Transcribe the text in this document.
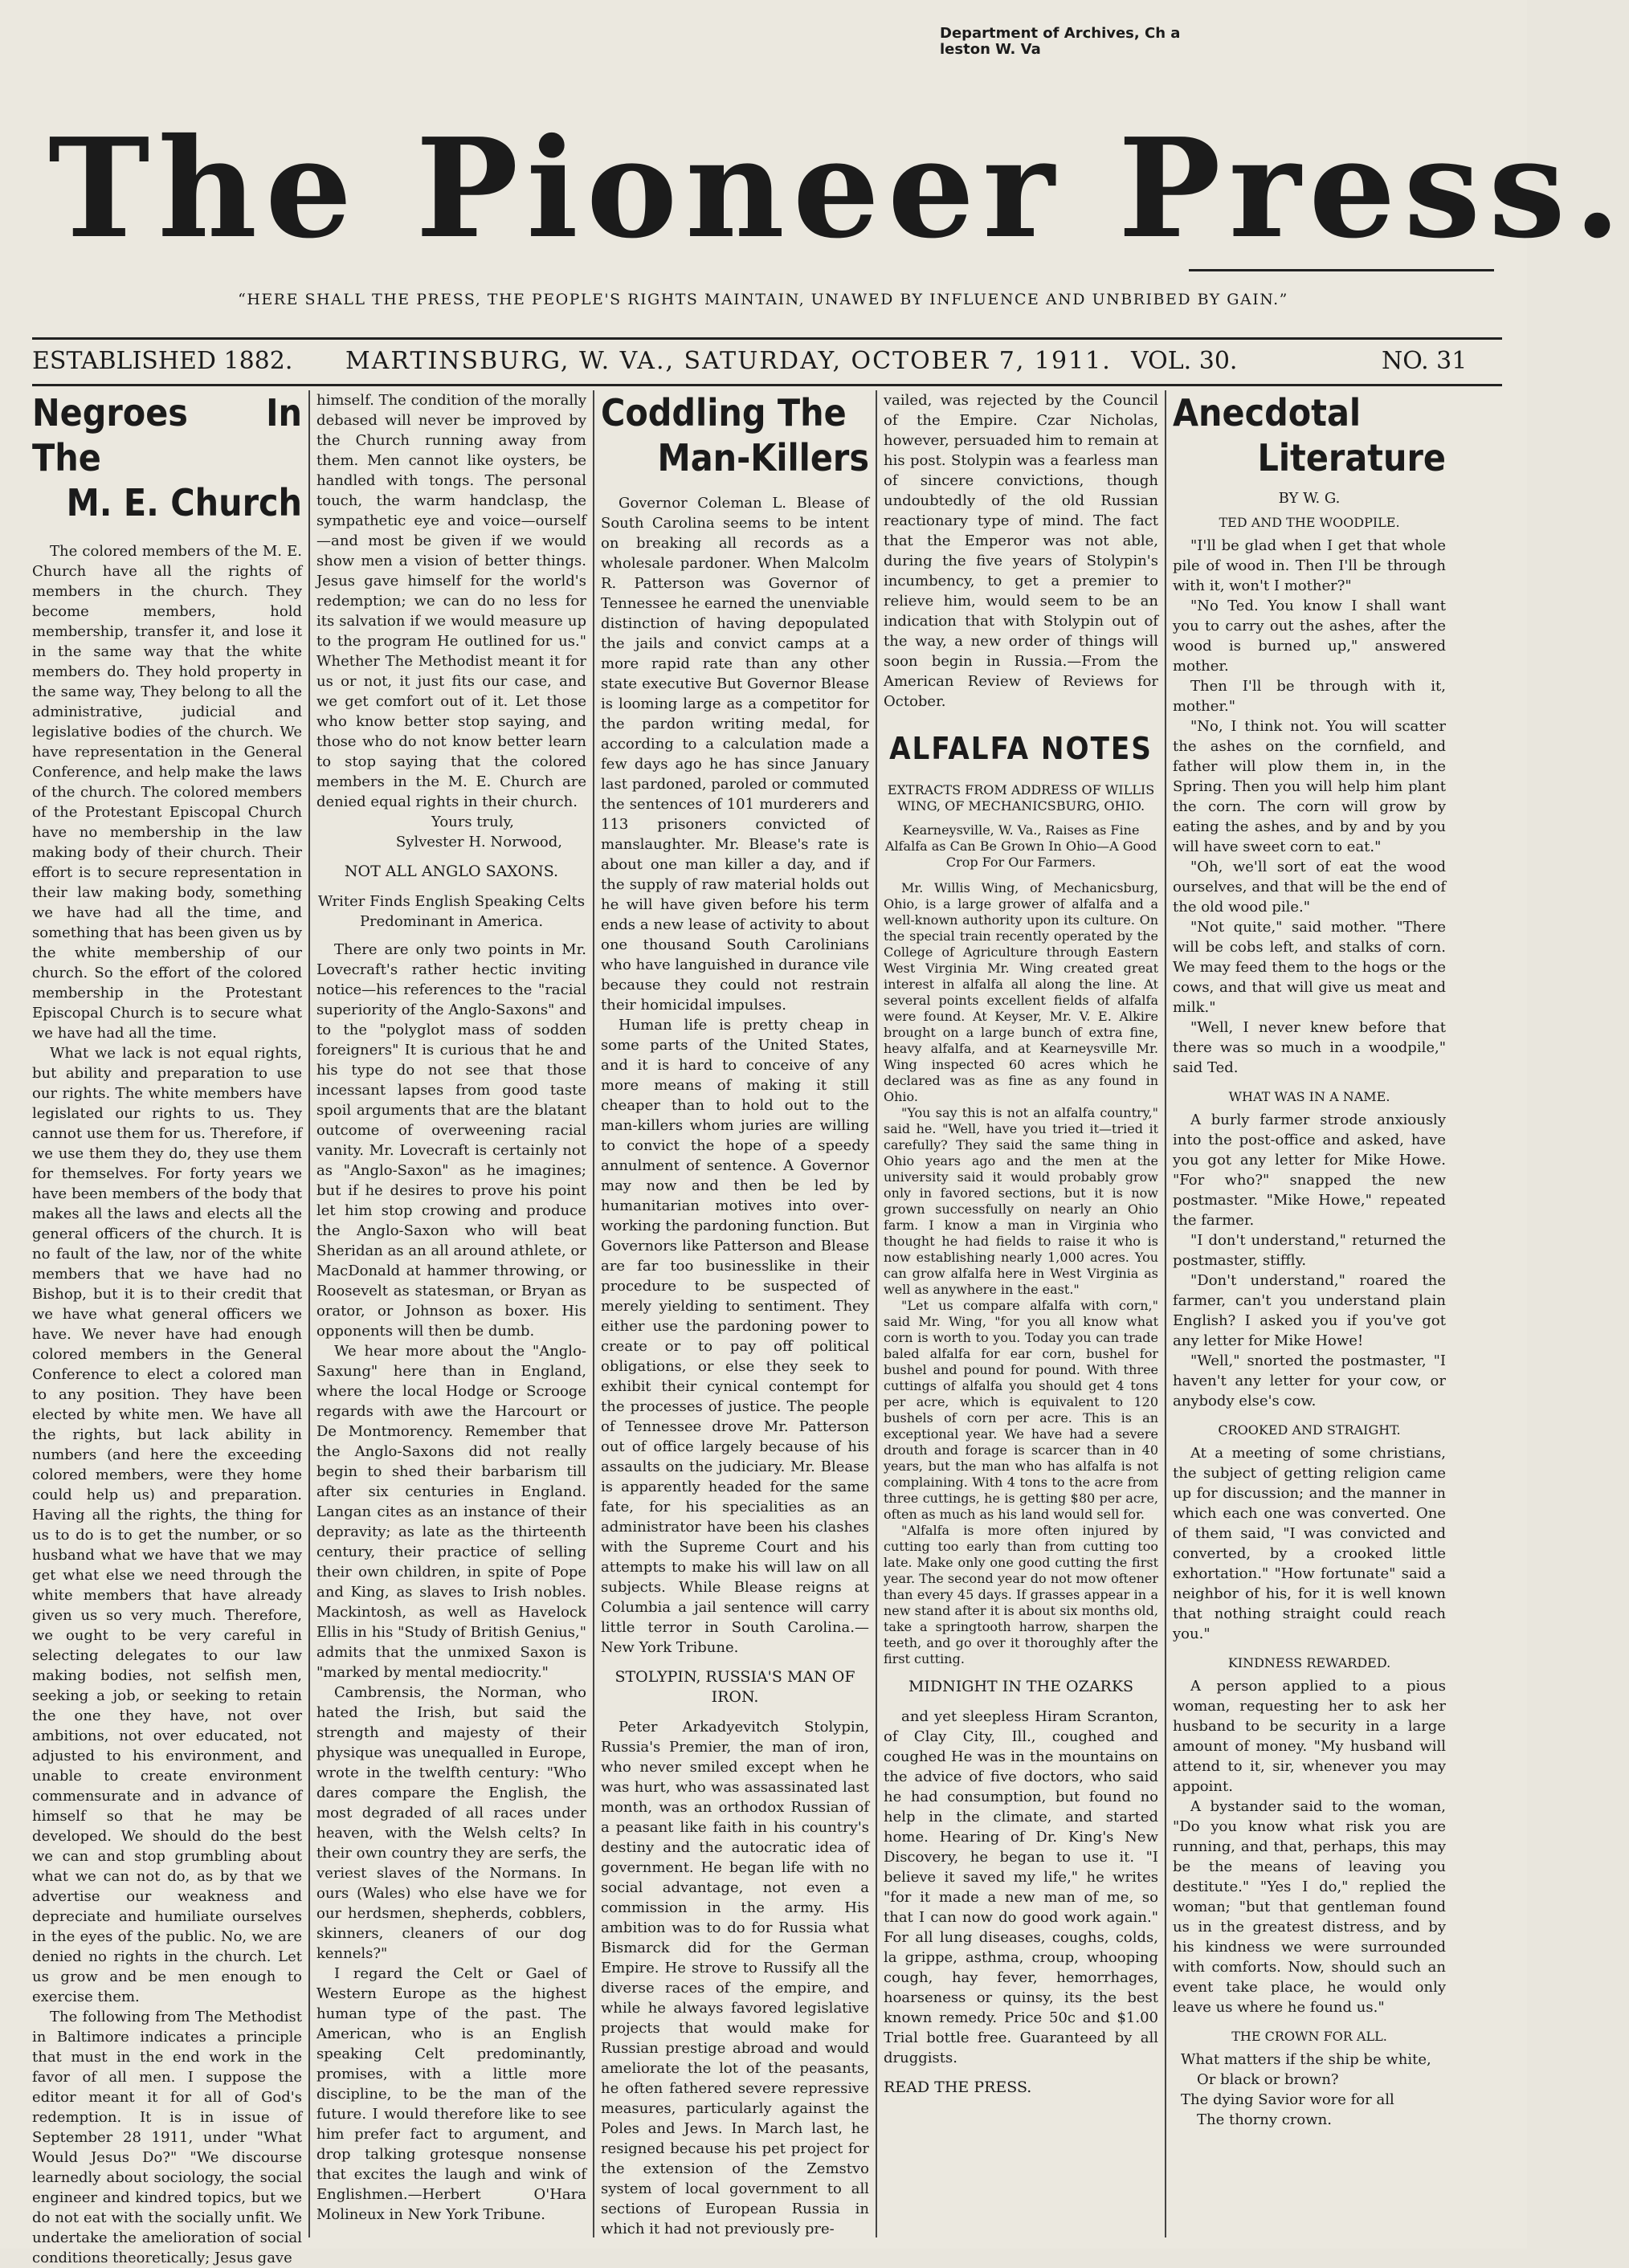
Department of Archives, Ch a leston W. Va
The Pioneer Press.
“HERE SHALL THE PRESS, THE PEOPLE'S RIGHTS MAINTAIN, UNAWED BY INFLUENCE AND UNBRIBED BY GAIN.”
ESTABLISHED 1882. MARTINSBURG, W. VA., SATURDAY, OCTOBER 7, 1911. VOL. 30.	NO. 31
Negroes In The
M. E. Church

The colored members of the M. E. Church have all the rights of members in the church. They become members, hold membership, transfer it, and lose it in the same way that the white members do. They hold property in the same way, They belong to all the administrative, judicial and legislative bodies of the church. We have representation in the General Conference, and help make the laws of the church. The colored members of the Protestant Episcopal Church have no membership in the law making body of their church. Their effort is to secure representation in their law making body, something we have had all the time, and something that has been given us by the white membership of our church. So the effort of the colored membership in the Protestant Episcopal Church is to secure what we have had all the time.

What we lack is not equal rights, but ability and preparation to use our rights. The white members have legislated our rights to us. They cannot use them for us. Therefore, if we use them they do, they use them for themselves. For forty years we have been members of the body that makes all the laws and elects all the general officers of the church. It is no fault of the law, nor of the white members that we have had no Bishop, but it is to their credit that we have what general officers we have. We never have had enough colored members in the General Conference to elect a colored man to any position. They have been elected by white men. We have all the rights, but lack ability in numbers (and here the exceeding colored members, were they home could help us) and preparation. Having all the rights, the thing for us to do is to get the number, or so husband what we have that we may get what else we need through the white members that have already given us so very much. Therefore, we ought to be very careful in selecting delegates to our law making bodies, not selfish men, seeking a job, or seeking to retain the one they have, not over ambitions, not over educated, not adjusted to his environment, and unable to create environment commensurate and in advance of himself so that he may be developed. We should do the best we can and stop grumbling about what we can not do, as by that we advertise our weakness and depreciate and humiliate ourselves in the eyes of the public. No, we are denied no rights in the church. Let us grow and be men enough to exercise them.

The following from The Methodist in Baltimore indicates a principle that must in the end work in the favor of all men. I suppose the editor meant it for all of God's redemption. It is in issue of September 28 1911, under "What Would Jesus Do?" "We discourse learnedly about sociology, the social engineer and kindred topics, but we do not eat with the socially unfit. We undertake the amelioration of social conditions theoretically; Jesus gave

himself. The condition of the morally debased will never be improved by the Church running away from them. Men cannot like oysters, be handled with tongs. The personal touch, the warm handclasp, the sympathetic eye and voice—ourself—and most be given if we would show men a vision of better things. Jesus gave himself for the world's redemption; we can do no less for its salvation if we would measure up to the program He outlined for us." Whether The Methodist meant it for us or not, it just fits our case, and we get comfort out of it. Let those who know better stop saying, and those who do not know better learn to stop saying that the colored members in the M. E. Church are denied equal rights in their church.

Yours truly,
Sylvester H. Norwood,
NOT ALL ANGLO SAXONS.
Writer Finds English Speaking Celts Predominant in America.

There are only two points in Mr. Lovecraft's rather hectic inviting notice—his references to the "racial superiority of the Anglo-Saxons" and to the "polyglot mass of sodden foreigners" It is curious that he and his type do not see that those incessant lapses from good taste spoil arguments that are the blatant outcome of overweening racial vanity. Mr. Lovecraft is certainly not as "Anglo-Saxon" as he imagines; but if he desires to prove his point let him stop crowing and produce the Anglo-Saxon who will beat Sheridan as an all around athlete, or MacDonald at hammer throwing, or Roosevelt as statesman, or Bryan as orator, or Johnson as boxer. His opponents will then be dumb.

We hear more about the "Anglo-Saxung" here than in England, where the local Hodge or Scrooge regards with awe the Harcourt or De Montmorency. Remember that the Anglo-Saxons did not really begin to shed their barbarism till after six centuries in England. Langan cites as an instance of their depravity; as late as the thirteenth century, their practice of selling their own children, in spite of Pope and King, as slaves to Irish nobles. Mackintosh, as well as Havelock Ellis in his "Study of British Genius," admits that the unmixed Saxon is "marked by mental mediocrity."

Cambrensis, the Norman, who hated the Irish, but said the strength and majesty of their physique was unequalled in Europe, wrote in the twelfth century: "Who dares compare the English, the most degraded of all races under heaven, with the Welsh celts? In their own country they are serfs, the veriest slaves of the Normans. In ours (Wales) who else have we for our herdsmen, shepherds, cobblers, skinners, cleaners of our dog kennels?"

I regard the Celt or Gael of Western Europe as the highest human type of the past. The American, who is an English speaking Celt predominantly, promises, with a little more discipline, to be the man of the future. I would therefore like to see him prefer fact to argument, and drop talking grotesque nonsense that excites the laugh and wink of Englishmen.—Herbert O'Hara Molineux in New York Tribune.

Coddling The
Man-Killers

Governor Coleman L. Blease of South Carolina seems to be intent on breaking all records as a wholesale pardoner. When Malcolm R. Patterson was Governor of Tennessee he earned the unenviable distinction of having depopulated the jails and convict camps at a more rapid rate than any other state executive But Governor Blease is looming large as a competitor for the pardon writing medal, for according to a calculation made a few days ago he has since January last pardoned, paroled or commuted the sentences of 101 murderers and 113 prisoners convicted of manslaughter. Mr. Blease's rate is about one man killer a day, and if the supply of raw material holds out he will have given before his term ends a new lease of activity to about one thousand South Carolinians who have languished in durance vile because they could not restrain their homicidal impulses.

Human life is pretty cheap in some parts of the United States, and it is hard to conceive of any more means of making it still cheaper than to hold out to the man-killers whom juries are willing to convict the hope of a speedy annulment of sentence. A Governor may now and then be led by humanitarian motives into over-working the pardoning function. But Governors like Patterson and Blease are far too businesslike in their procedure to be suspected of merely yielding to sentiment. They either use the pardoning power to create or to pay off political obligations, or else they seek to exhibit their cynical contempt for the processes of justice. The people of Tennessee drove Mr. Patterson out of office largely because of his assaults on the judiciary. Mr. Blease is apparently headed for the same fate, for his specialities as an administrator have been his clashes with the Supreme Court and his attempts to make his will law on all subjects. While Blease reigns at Columbia a jail sentence will carry little terror in South Carolina.—New York Tribune.

STOLYPIN, RUSSIA'S MAN OF IRON.

Peter Arkadyevitch Stolypin, Russia's Premier, the man of iron, who never smiled except when he was hurt, who was assassinated last month, was an orthodox Russian of a peasant like faith in his country's destiny and the autocratic idea of government. He began life with no social advantage, not even a commission in the army. His ambition was to do for Russia what Bismarck did for the German Empire. He strove to Russify all the diverse races of the empire, and while he always favored legislative projects that would make for Russian prestige abroad and would ameliorate the lot of the peasants, he often fathered severe repressive measures, particularly against the Poles and Jews. In March last, he resigned because his pet project for the extension of the Zemstvo system of local government to all sections of European Russia in which it had not previously pre-

vailed, was rejected by the Council of the Empire. Czar Nicholas, however, persuaded him to remain at his post. Stolypin was a fearless man of sincere convictions, though undoubtedly of the old Russian reactionary type of mind. The fact that the Emperor was not able, during the five years of Stolypin's incumbency, to get a premier to relieve him, would seem to be an indication that with Stolypin out of the way, a new order of things will soon begin in Russia.—From the American Review of Reviews for October.

ALFALFA NOTES
EXTRACTS FROM ADDRESS OF WILLIS WING, OF MECHANICSBURG, OHIO.
Kearneysville, W. Va., Raises as Fine Alfalfa as Can Be Grown In Ohio—A Good Crop For Our Farmers.

Mr. Willis Wing, of Mechanicsburg, Ohio, is a large grower of alfalfa and a well-known authority upon its culture. On the special train recently operated by the College of Agriculture through Eastern West Virginia Mr. Wing created great interest in alfalfa all along the line. At several points excellent fields of alfalfa were found. At Keyser, Mr. V. E. Alkire brought on a large bunch of extra fine, heavy alfalfa, and at Kearneysville Mr. Wing inspected 60 acres which he declared was as fine as any found in Ohio.

"You say this is not an alfalfa country," said he. "Well, have you tried it—tried it carefully? They said the same thing in Ohio years ago and the men at the university said it would probably grow only in favored sections, but it is now grown successfully on nearly an Ohio farm. I know a man in Virginia who thought he had fields to raise it who is now establishing nearly 1,000 acres. You can grow alfalfa here in West Virginia as well as anywhere in the east."

"Let us compare alfalfa with corn," said Mr. Wing, "for you all know what corn is worth to you. Today you can trade baled alfalfa for ear corn, bushel for bushel and pound for pound. With three cuttings of alfalfa you should get 4 tons per acre, which is equivalent to 120 bushels of corn per acre. This is an exceptional year. We have had a severe drouth and forage is scarcer than in 40 years, but the man who has alfalfa is not complaining. With 4 tons to the acre from three cuttings, he is getting $80 per acre, often as much as his land would sell for.

"Alfalfa is more often injured by cutting too early than from cutting too late. Make only one good cutting the first year. The second year do not mow oftener than every 45 days. If grasses appear in a new stand after it is about six months old, take a springtooth harrow, sharpen the teeth, and go over it thoroughly after the first cutting.

MIDNIGHT IN THE OZARKS

and yet sleepless Hiram Scranton, of Clay City, Ill., coughed and coughed He was in the mountains on the advice of five doctors, who said he had consumption, but found no help in the climate, and started home. Hearing of Dr. King's New Discovery, he began to use it. "I believe it saved my life," he writes "for it made a new man of me, so that I can now do good work again." For all lung diseases, coughs, colds, la grippe, asthma, croup, whooping cough, hay fever, hemorrhages, hoarseness or quinsy, its the best known remedy. Price 50c and $1.00 Trial bottle free. Guaranteed by all druggists.

READ THE PRESS.
Anecdotal
Literature
BY W. G.
TED AND THE WOODPILE.

"I'll be glad when I get that whole pile of wood in. Then I'll be through with it, won't I mother?"

"No Ted. You know I shall want you to carry out the ashes, after the wood is burned up," answered mother.

Then I'll be through with it, mother."

"No, I think not. You will scatter the ashes on the cornfield, and father will plow them in, in the Spring. Then you will help him plant the corn. The corn will grow by eating the ashes, and by and by you will have sweet corn to eat."

"Oh, we'll sort of eat the wood ourselves, and that will be the end of the old wood pile."

"Not quite," said mother. "There will be cobs left, and stalks of corn. We may feed them to the hogs or the cows, and that will give us meat and milk."

"Well, I never knew before that there was so much in a woodpile," said Ted.

WHAT WAS IN A NAME.

A burly farmer strode anxiously into the post-office and asked, have you got any letter for Mike Howe. "For who?" snapped the new postmaster. "Mike Howe," repeated the farmer.

"I don't understand," returned the postmaster, stiffly.

"Don't understand," roared the farmer, can't you understand plain English? I asked you if you've got any letter for Mike Howe!

"Well," snorted the postmaster, "I haven't any letter for your cow, or anybody else's cow.

CROOKED AND STRAIGHT.

At a meeting of some christians, the subject of getting religion came up for discussion; and the manner in which each one was converted. One of them said, "I was convicted and converted, by a crooked little exhortation." "How fortunate" said a neighbor of his, for it is well known that nothing straight could reach you."

KINDNESS REWARDED.

A person applied to a pious woman, requesting her to ask her husband to be security in a large amount of money. "My husband will attend to it, sir, whenever you may appoint.

A bystander said to the woman, "Do you know what risk you are running, and that, perhaps, this may be the means of leaving you destitute." "Yes I do," replied the woman; "but that gentleman found us in the greatest distress, and by his kindness we were surrounded with comforts. Now, should such an event take place, he would only leave us where he found us."

THE CROWN FOR ALL.
What matters if the ship be white,
Or black or brown?
The dying Savior wore for all
The thorny crown.
